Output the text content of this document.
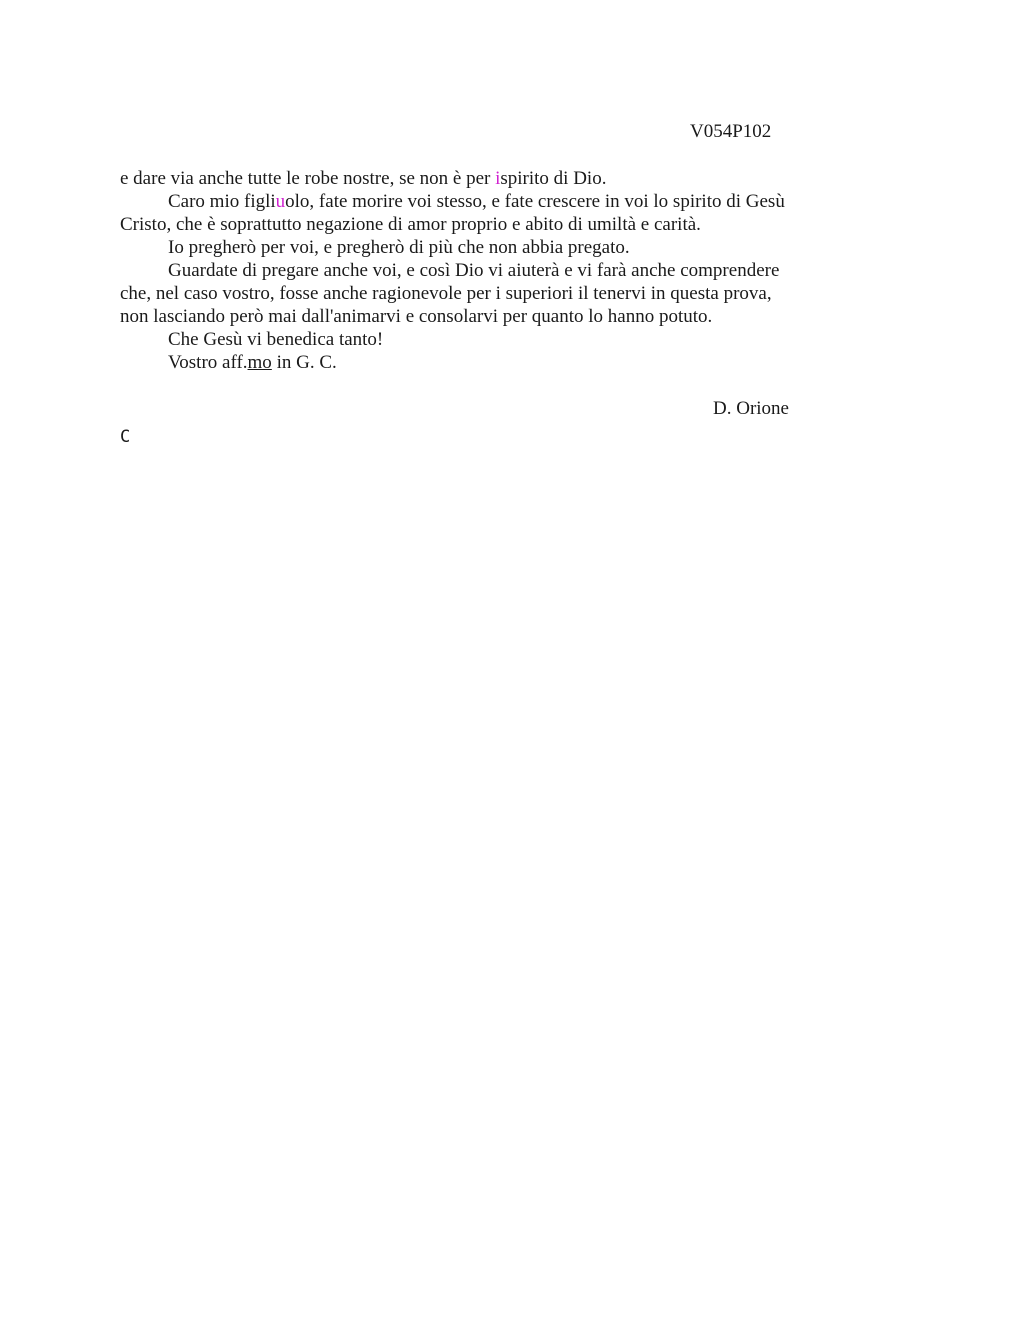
V054P102

e dare via anche tutte le robe nostre, se non è per ispirito di Dio.

Caro mio figliuolo, fate morire voi stesso, e fate crescere in voi lo spirito di Gesù

Cristo, che è soprattutto negazione di amor proprio e abito di umiltà e carità.

Io pregherò per voi, e pregherò di più che non abbia pregato.

Guardate di pregare anche voi, e così Dio vi aiuterà e vi farà anche comprendere

che, nel caso vostro, fosse anche ragionevole per i superiori il tenervi in questa prova,

non lasciando però mai dall'animarvi e consolarvi per quanto lo hanno potuto.

Che Gesù vi benedica tanto!

Vostro aff.mo in G. C.

D. Orione
C
